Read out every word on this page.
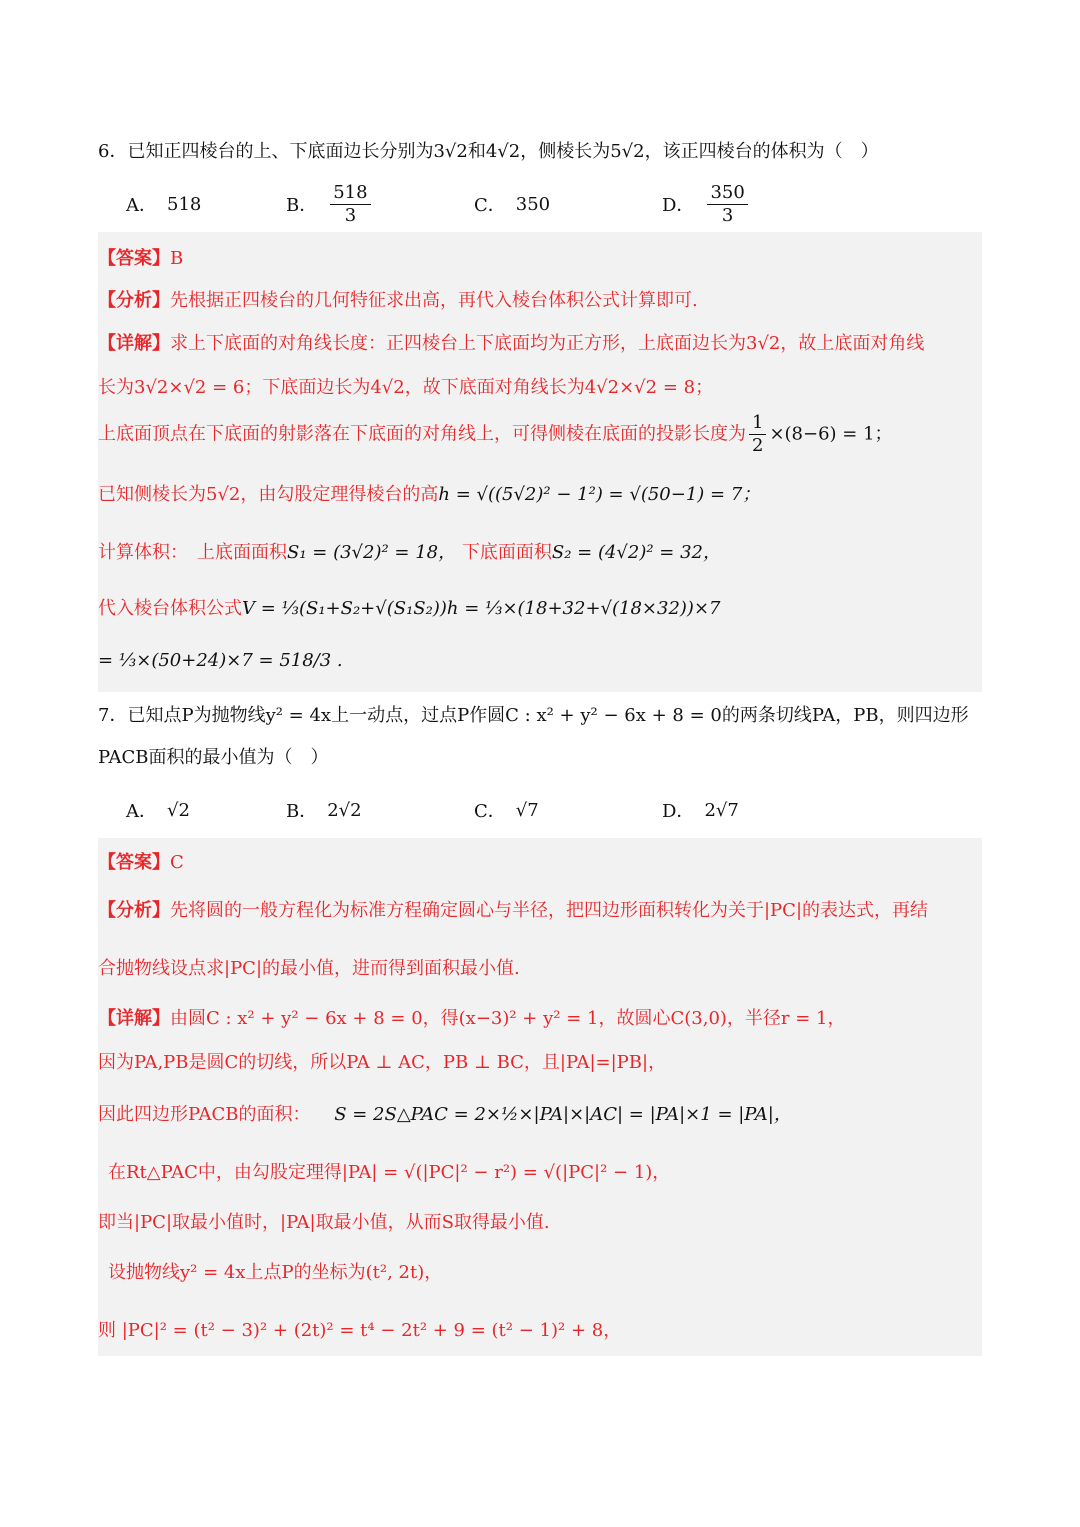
6．已知正四棱台的上、下底面边长分别为3√2和4√2，侧棱长为5√2，该正四棱台的体积为（　）
A． 518	B． $\frac{518}{3}$	C． 350	D． $\frac{350}{3}$
【答案】B
【分析】先根据正四棱台的几何特征求出高，再代入棱台体积公式计算即可.
【详解】求上下底面的对角线长度：正四棱台上下底面均为正方形，上底面边长为3√2，故上底面对角线
长为3√2×√2 = 6；下底面边长为4√2，故下底面对角线长为4√2×√2 = 8；
上底面顶点在下底面的射影落在下底面的对角线上，可得侧棱在底面的投影长度为 $\frac{1}{2} \times(8-6) = 1$；
已知侧棱长为5√2，由勾股定理得棱台的高h = √((5√2)² − 1²) = √(50−1) = 7；
计算体积：　上底面面积S₁ = (3√2)² = 18， 下底面面积S₂ = (4√2)² = 32，
代入棱台体积公式V = ⅓(S₁+S₂+√(S₁S₂))h = ⅓×(18+32+√(18×32))×7
= ⅓×(50+24)×7 = 518/3 .
7．已知点P为抛物线y² = 4x上一动点，过点P作圆C : x² + y² − 6x + 8 = 0的两条切线PA，PB，则四边形
PACB面积的最小值为（　）
A． √2	B． 2√2	C． √7	D． 2√7
【答案】C
【分析】先将圆的一般方程化为标准方程确定圆心与半径，把四边形面积转化为关于|PC|的表达式，再结
合抛物线设点求|PC|的最小值，进而得到面积最小值.
【详解】由圆C : x² + y² − 6x + 8 = 0，得(x−3)² + y² = 1，故圆心C(3,0)，半径r = 1，
因为PA,PB是圆C的切线，所以PA ⊥ AC，PB ⊥ BC，且|PA|=|PB|，
因此四边形PACB的面积： S = 2S△PAC = 2×½×|PA|×|AC| = |PA|×1 = |PA|，
在Rt△PAC中，由勾股定理得|PA| = √(|PC|² − r²) = √(|PC|² − 1)，
即当|PC|取最小值时，|PA|取最小值，从而S取得最小值.
设抛物线y² = 4x上点P的坐标为(t², 2t)，
则 |PC|² = (t² − 3)² + (2t)² = t⁴ − 2t² + 9 = (t² − 1)² + 8，
